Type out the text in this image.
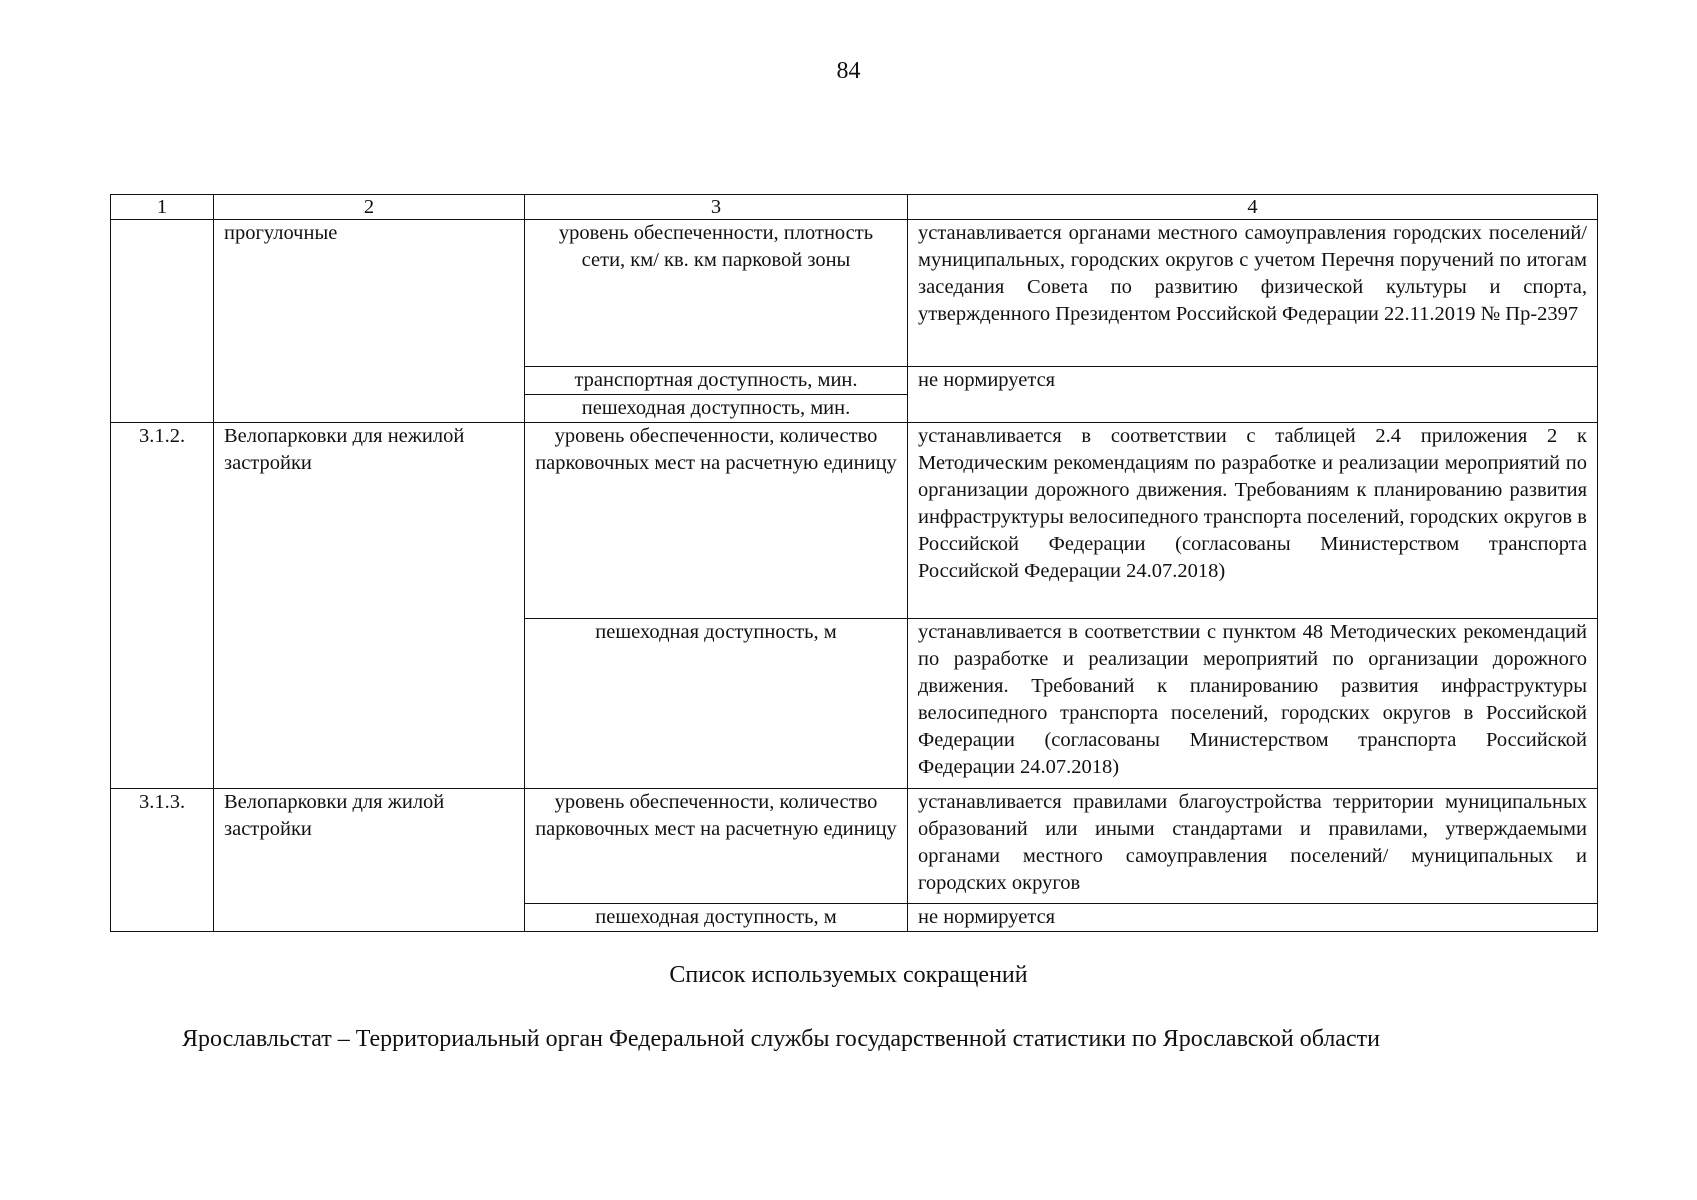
84
1	2	3	4
	прогулочные	уровень обеспеченности, плотность сети, км/ кв. км парковой зоны	устанавливается органами местного самоуправления городских поселений/ муниципальных, городских округов с учетом Перечня поручений по итогам заседания Совета по развитию физической культуры и спорта, утвержденного Президентом Российской Федерации 22.11.2019 № Пр-2397
		транспортная доступность, мин.	не нормируется
		пешеходная доступность, мин.	
3.1.2.	Велопарковки для нежилой застройки	уровень обеспеченности, количество парковочных мест на расчетную единицу	устанавливается в соответствии с таблицей 2.4 приложения 2 к Методическим рекомендациям по разработке и реализации мероприятий по организации дорожного движения. Требованиям к планированию развития инфраструктуры велосипедного транспорта поселений, городских округов в Российской Федерации (согласованы Министерством транспорта Российской Федерации 24.07.2018)
		пешеходная доступность, м	устанавливается в соответствии с пунктом 48 Методических рекомендаций по разработке и реализации мероприятий по организации дорожного движения. Требований к планированию развития инфраструктуры велосипедного транспорта поселений, городских округов в Российской Федерации (согласованы Министерством транспорта Российской Федерации 24.07.2018)
3.1.3.	Велопарковки для жилой застройки	уровень обеспеченности, количество парковочных мест на расчетную единицу	устанавливается правилами благоустройства территории муниципальных образований или иными стандартами и правилами, утверждаемыми органами местного самоуправления поселений/ муниципальных и городских округов
		пешеходная доступность, м	не нормируется
Список используемых сокращений

Ярославльстат – Территориальный орган Федеральной службы государственной статистики по Ярославской области
